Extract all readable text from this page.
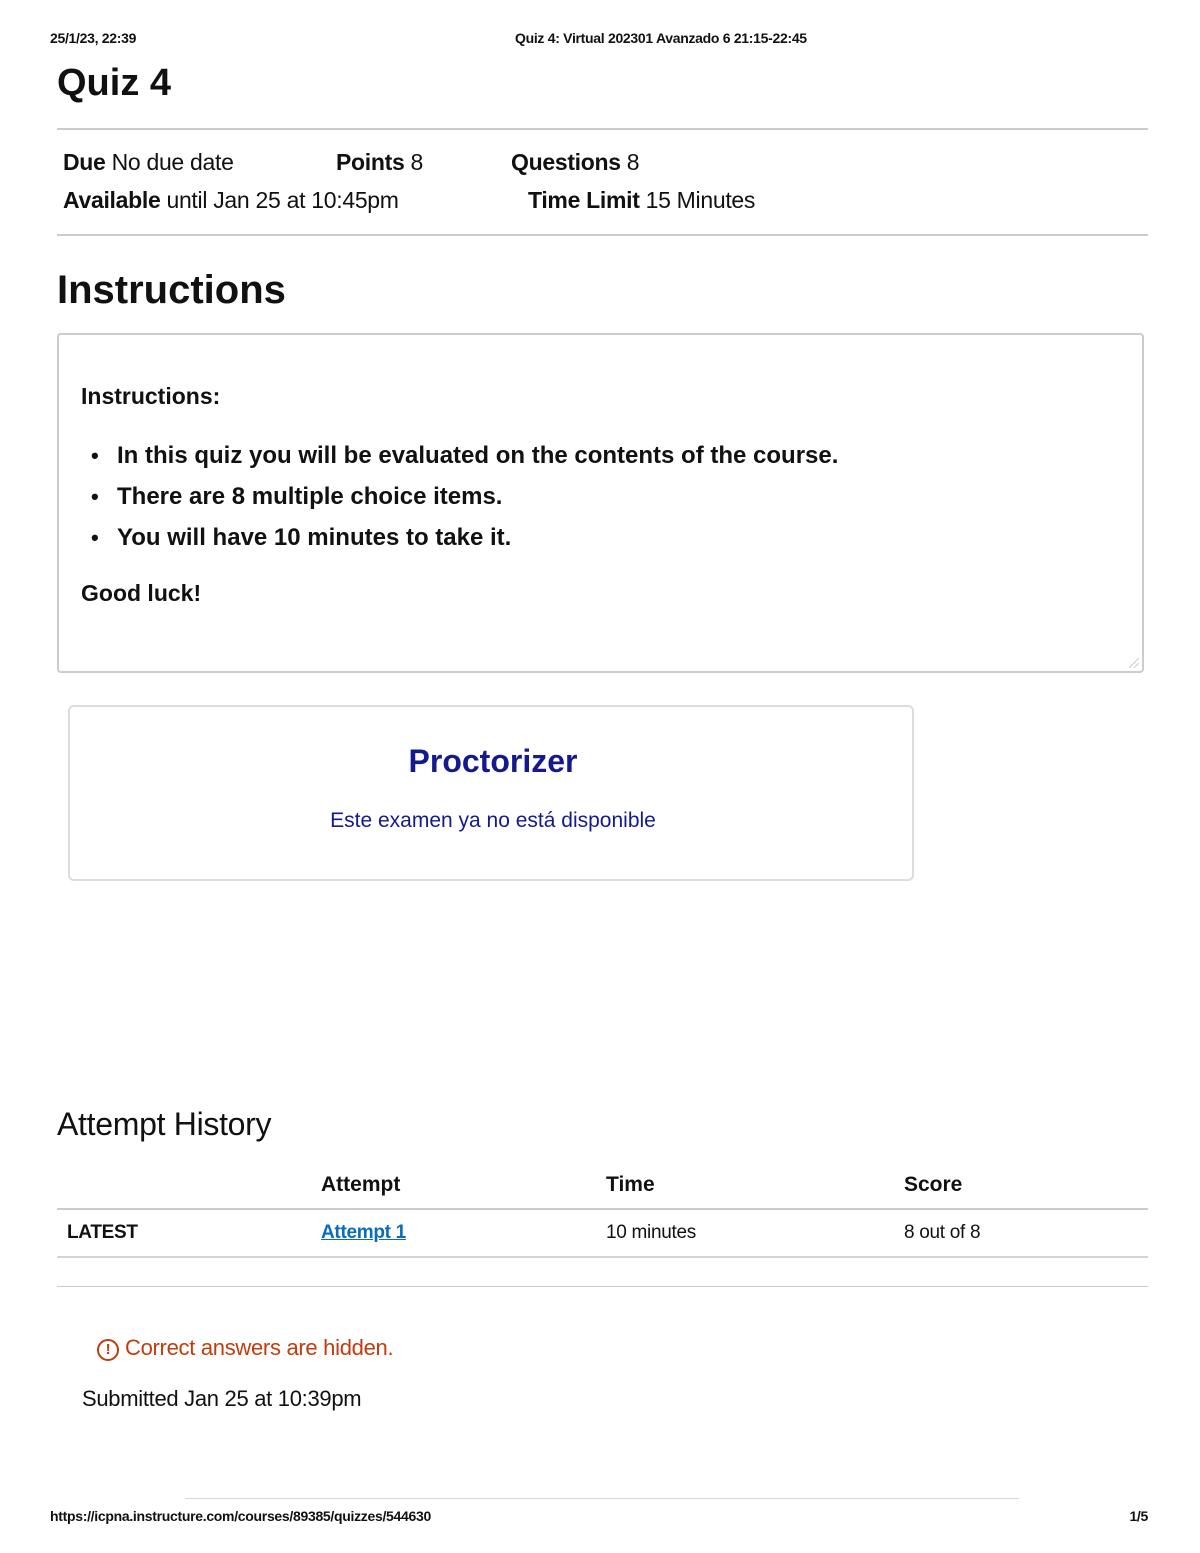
25/1/23, 22:39	Quiz 4: Virtual 202301 Avanzado 6 21:15-22:45
Quiz 4
Due No due date	Points 8	Questions 8
Available until Jan 25 at 10:45pm	Time Limit 15 Minutes
Instructions

Instructions:

• In this quiz you will be evaluated on the contents of the course.
• There are 8 multiple choice items.
• You will have 10 minutes to take it.

Good luck!

Proctorizer
Este examen ya no está disponible
Attempt History
	Attempt	Time	Score
LATEST	Attempt 1	10 minutes	8 out of 8
! Correct answers are hidden.
Submitted Jan 25 at 10:39pm
https://icpna.instructure.com/courses/89385/quizzes/544630	1/5
